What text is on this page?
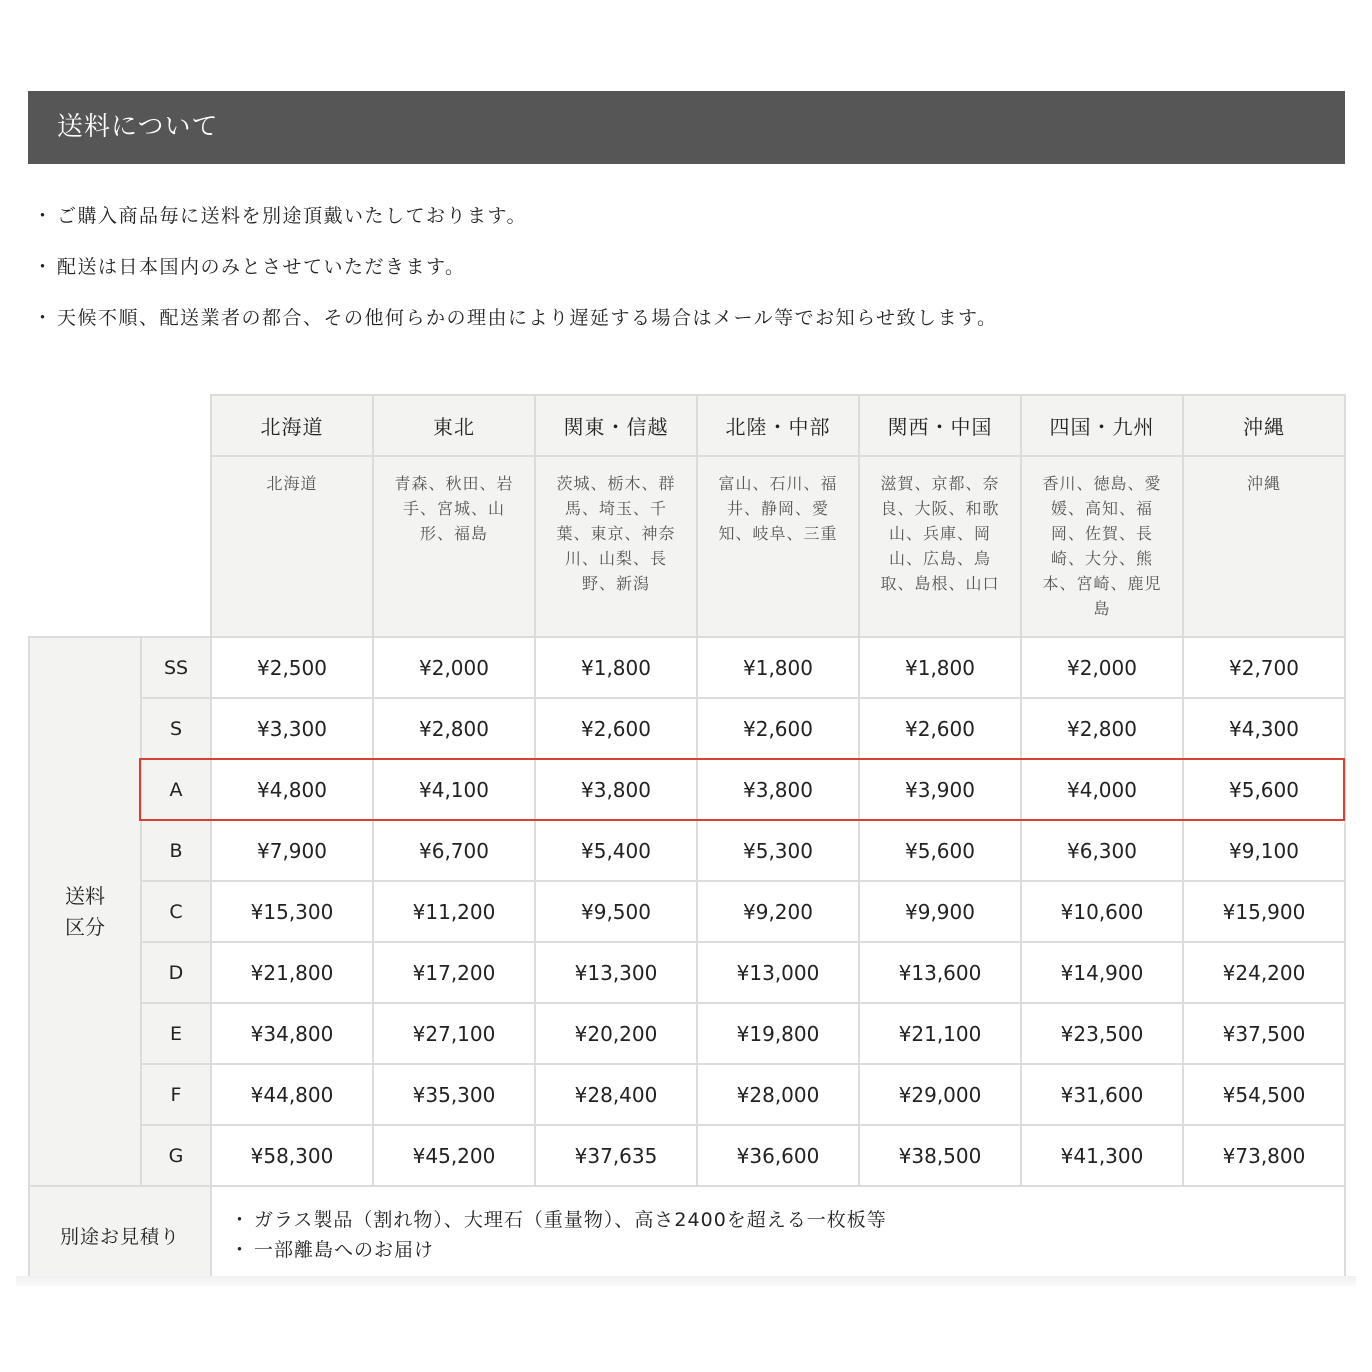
送料について
・ ご購入商品毎に送料を別途頂戴いたしております。
・ 配送は日本国内のみとさせていただきます。
・ 天候不順、配送業者の都合、その他何らかの理由により遅延する場合はメール等でお知らせ致します。
		北海道	東北	関東・信越	北陸・中部	関西・中国	四国・九州	沖縄
		北海道	青森、秋田、岩手、宮城、山形、福島	茨城、栃木、群馬、埼玉、千葉、東京、神奈川、山梨、長野、新潟	富山、石川、福井、静岡、愛知、岐阜、三重	滋賀、京都、奈良、大阪、和歌山、兵庫、岡山、広島、鳥取、島根、山口	香川、徳島、愛媛、高知、福岡、佐賀、長崎、大分、熊本、宮崎、鹿児島	沖縄

送料
区分	SS	¥2,500	¥2,000	¥1,800	¥1,800	¥1,800	¥2,000	¥2,700
	S	¥3,300	¥2,800	¥2,600	¥2,600	¥2,600	¥2,800	¥4,300
	A	¥4,800	¥4,100	¥3,800	¥3,800	¥3,900	¥4,000	¥5,600
	B	¥7,900	¥6,700	¥5,400	¥5,300	¥5,600	¥6,300	¥9,100
	C	¥15,300	¥11,200	¥9,500	¥9,200	¥9,900	¥10,600	¥15,900
	D	¥21,800	¥17,200	¥13,300	¥13,000	¥13,600	¥14,900	¥24,200
	E	¥34,800	¥27,100	¥20,200	¥19,800	¥21,100	¥23,500	¥37,500
	F	¥44,800	¥35,300	¥28,400	¥28,000	¥29,000	¥31,600	¥54,500
	G	¥58,300	¥45,200	¥37,635	¥36,600	¥38,500	¥41,300	¥73,800
別途お見積り		・ ガラス製品（割れ物）、大理石（重量物）、高さ2400を超える一枚板等
・ 一部離島へのお届け						
